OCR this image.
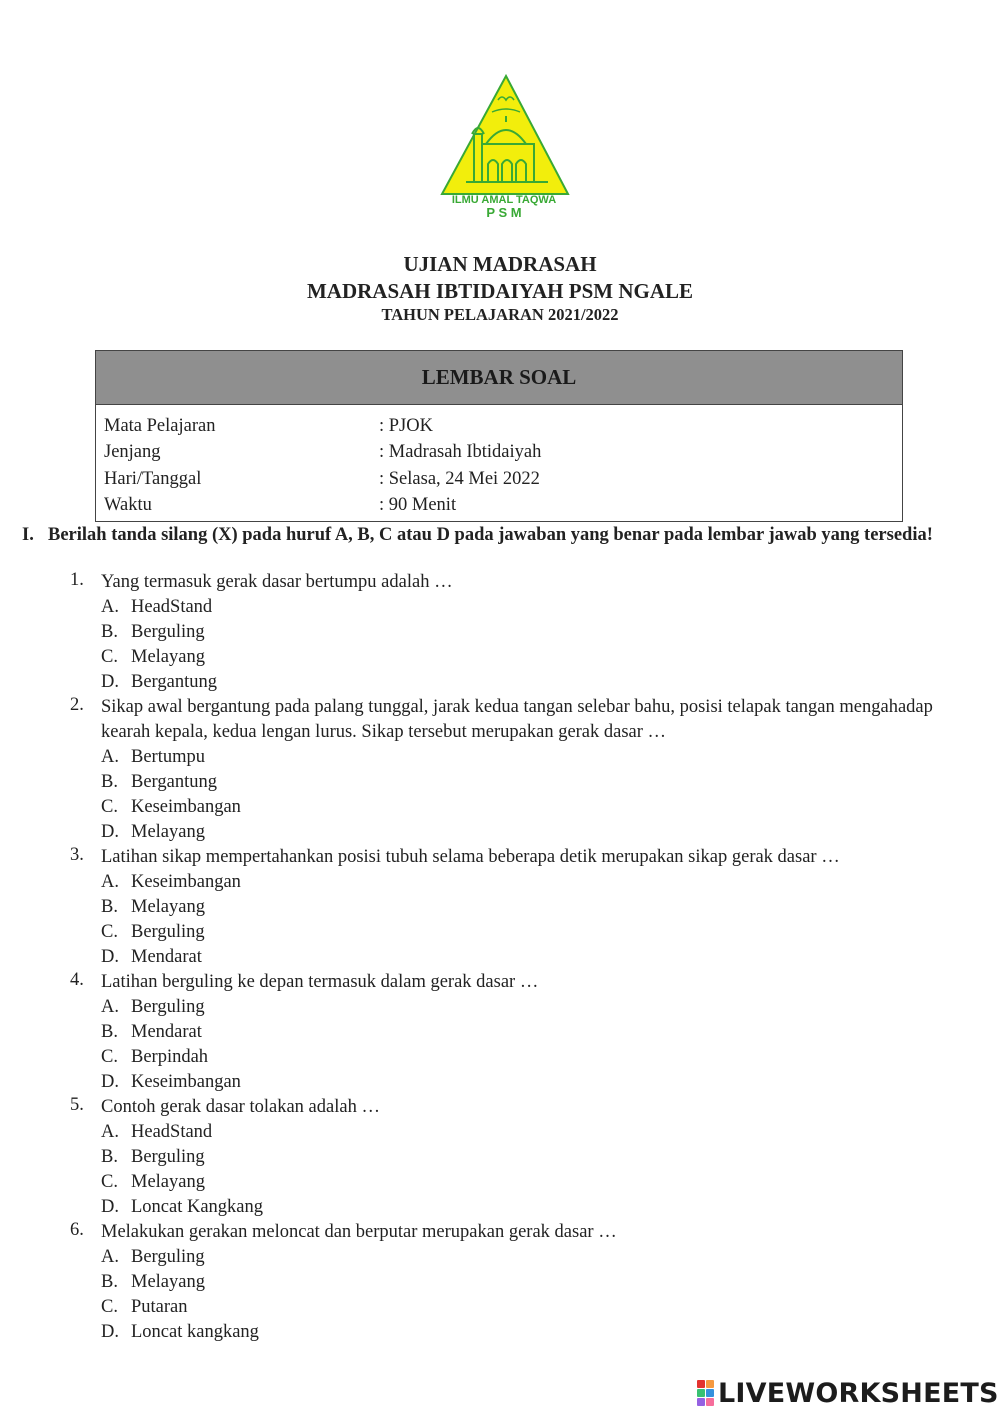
ILMU AMAL TAQWA
P S M
UJIAN MADRASAH
MADRASAH IBTIDAIYAH PSM NGALE
TAHUN PELAJARAN 2021/2022
LEMBAR SOAL
Mata Pelajaran	: PJOK
Jenjang	: Madrasah Ibtidaiyah
Hari/Tanggal	: Selasa, 24 Mei 2022
Waktu	: 90 Menit
I. Berilah tanda silang (X) pada huruf A, B, C atau D pada jawaban yang benar pada lembar jawab yang tersedia!
1. Yang termasuk gerak dasar bertumpu adalah …
A. HeadStand
B. Berguling
C. Melayang
D. Bergantung
2. Sikap awal bergantung pada palang tunggal, jarak kedua tangan selebar bahu, posisi telapak tangan mengahadap kearah kepala, kedua lengan lurus. Sikap tersebut merupakan gerak dasar …
A. Bertumpu
B. Bergantung
C. Keseimbangan
D. Melayang
3. Latihan sikap mempertahankan posisi tubuh selama beberapa detik merupakan sikap gerak dasar …
A. Keseimbangan
B. Melayang
C. Berguling
D. Mendarat
4. Latihan berguling ke depan termasuk dalam gerak dasar …
A. Berguling
B. Mendarat
C. Berpindah
D. Keseimbangan
5. Contoh gerak dasar tolakan adalah …
A. HeadStand
B. Berguling
C. Melayang
D. Loncat Kangkang
6. Melakukan gerakan meloncat dan berputar merupakan gerak dasar …
A. Berguling
B. Melayang
C. Putaran
D. Loncat kangkang
LIVEWORKSHEETS
